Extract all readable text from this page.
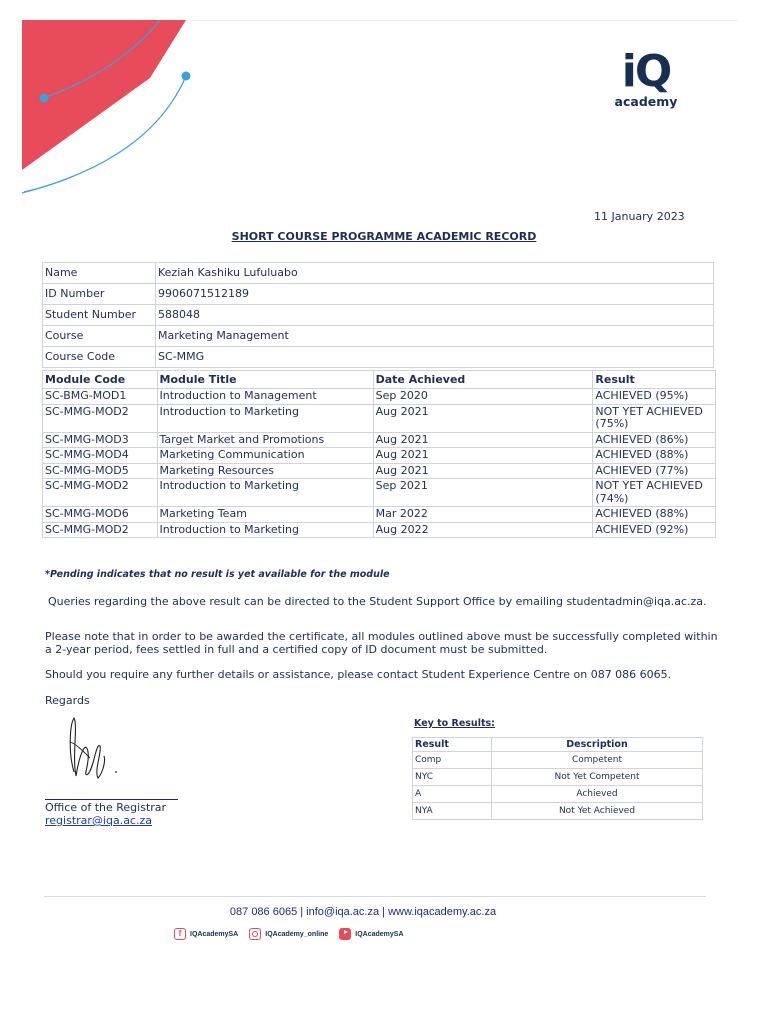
iQ
academy
11 January 2023
SHORT COURSE PROGRAMME ACADEMIC RECORD
Name	Keziah Kashiku Lufuluabo
ID Number	9906071512189
Student Number	588048
Course	Marketing Management
Course Code	SC-MMG
Module Code	Module Title	Date Achieved	Result
SC-BMG-MOD1	Introduction to Management	Sep 2020	ACHIEVED (95%)
SC-MMG-MOD2	Introduction to Marketing	Aug 2021	NOT YET ACHIEVED (75%)
SC-MMG-MOD3	Target Market and Promotions	Aug 2021	ACHIEVED (86%)
SC-MMG-MOD4	Marketing Communication	Aug 2021	ACHIEVED (88%)
SC-MMG-MOD5	Marketing Resources	Aug 2021	ACHIEVED (77%)
SC-MMG-MOD2	Introduction to Marketing	Sep 2021	NOT YET ACHIEVED (74%)
SC-MMG-MOD6	Marketing Team	Mar 2022	ACHIEVED (88%)
SC-MMG-MOD2	Introduction to Marketing	Aug 2022	ACHIEVED (92%)
*Pending indicates that no result is yet available for the module
Queries regarding the above result can be directed to the Student Support Office by emailing studentadmin@iqa.ac.za.
Please note that in order to be awarded the certificate, all modules outlined above must be successfully completed within a 2-year period, fees settled in full and a certified copy of ID document must be submitted.
Should you require any further details or assistance, please contact Student Experience Centre on 087 086 6065.
Regards
Office of the Registrar
registrar@iqa.ac.za
Key to Results:
Result	Description
Comp	Competent
NYC	Not Yet Competent
A	Achieved
NYA	Not Yet Achieved
087 086 6065 | info@iqa.ac.za | www.iqacademy.ac.za
f	IQAcademySA	IQAcademy_online	IQAcademySA
